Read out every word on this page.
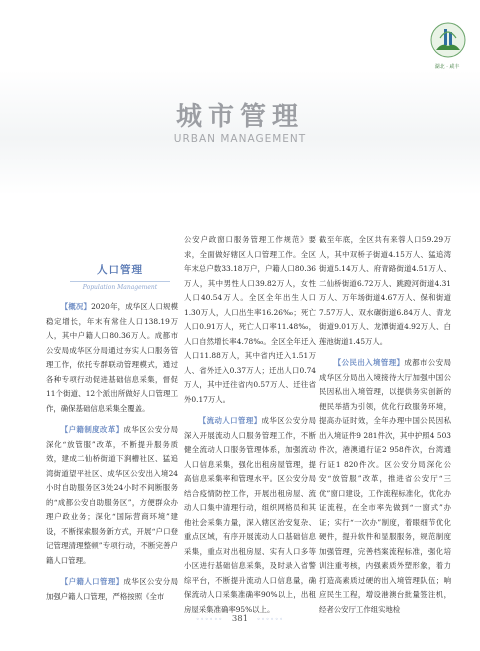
湖北 · 咸丰
城市管理
URBAN MANAGEMENT
人口管理
Population Management

【概况】2020年，成华区人口规模稳定增长，年末有常住人口138.19万人，其中户籍人口80.36万人。成都市公安局成华区分局通过夯实人口服务管理工作，依托专群联动管理模式，通过各种专项行动促进基础信息采集，督促11个街道、12个派出所做好人口管理工作，确保基础信息采集全覆盖。

【户籍制度改革】成华区公安分局深化“放管服”改革，不断提升服务质效，建成二仙桥街道下涧槽社区、猛追湾街道望平社区、成华区公安出入境24小时自助服务区3处24小时不间断服务的“成都公安自助服务区”，方便群众办理户政业务；深化“国际营商环境”建设，不断探索服务新方式，开展“户口登记管理清理整顿”专项行动，不断完善户籍人口管理。

【户籍人口管理】成华区公安分局加强户籍人口管理，严格按照《全市

公安户政窗口服务管理工作规范》要求，全面做好辖区人口管理工作。全区年末总户数33.18万户，户籍人口80.36万人，其中男性人口39.82万人，女性人口40.54万人。全区全年出生人口1.30万人，人口出生率16.26‰；死亡人口0.91万人，死亡人口率11.48‰，人口自然增长率4.78‰。全区全年迁入人口11.88万人，其中省内迁入1.51万人、省外迁入0.37万人；迁出人口0.74万人，其中迁往省内0.57万人、迁往省外0.17万人。

【流动人口管理】成华区公安分局深入开展流动人口服务管理工作，不断健全流动人口服务管理体系，加强流动人口信息采集，强化出租房屋管理，提高信息采集率和管理水平。区公安分局结合疫情防控工作，开展出租房屋、流动人口集中清理行动，组织网格员和其他社会采集力量，深入辖区治安复杂、重点区域，有序开展流动人口基础信息采集，重点对出租房屋、实有人口多等小区进行基础信息采集，及时录入省警综平台，不断提升流动人口信息量，确保流动人口采集准确率90%以上，出租房屋采集准确率95%以上。

截至年底，全区共有来蓉人口59.29万人，其中双桥子街道4.15万人、猛追湾街道5.14万人、府青路街道4.51万人、二仙桥街道6.72万人、跳蹬河街道4.31万人、万年场街道4.67万人、保和街道7.57万人、双水碾街道6.84万人、青龙街道9.01万人、龙潭街道4.92万人、白莲池街道1.45万人。

【公民出入境管理】成都市公安局成华区分局出入境接待大厅加强中国公民因私出入境管理，以提供务实创新的便民举措为引领，优化行政服务环境，提高办证时效，全年办理中国公民因私出入境证件9 281件次，其中护照4 503件次，港澳通行证2 958件次，台湾通行证1 820件次。区公安分局深化公安“放管服”改革，推进省公安厅“三优”窗口建设，工作流程标准化，优化办证流程，在全市率先做到“一窗式”办证；实行“一次办”制度，着眼细节优化硬件，提升软件和显服服务，规范制度加强管理，完善档案流程标准，强化培训注重考核，内强素质外塑形象，着力打造高素质过硬的出入境管理队伍；响应民生工程，增设港澳台批量签注机，经者公安厅工作组实地检

◦◦◦◦◦◦ 381 ◦◦◦◦◦◦
